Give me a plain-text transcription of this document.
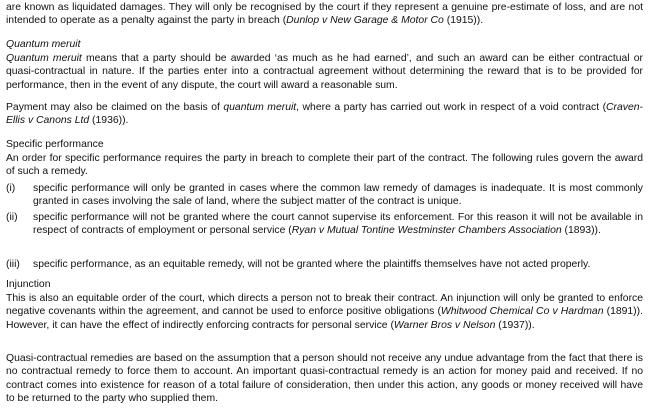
are known as liquidated damages. They will only be recognised by the court if they represent a genuine pre-estimate of loss, and are not intended to operate as a penalty against the party in breach (Dunlop v New Garage & Motor Co (1915)).

Quantum meruit

Quantum meruit means that a party should be awarded ‘as much as he had earned’, and such an award can be either contractual or quasi-contractual in nature. If the parties enter into a contractual agreement without determining the reward that is to be provided for performance, then in the event of any dispute, the court will award a reasonable sum.

Payment may also be claimed on the basis of quantum meruit, where a party has carried out work in respect of a void contract (Craven-Ellis v Canons Ltd (1936)).

Specific performance

An order for specific performance requires the party in breach to complete their part of the contract. The following rules govern the award of such a remedy.

(i)	specific performance will only be granted in cases where the common law remedy of damages is inadequate. It is most commonly granted in cases involving the sale of land, where the subject matter of the contract is unique.
(ii)	specific performance will not be granted where the court cannot supervise its enforcement. For this reason it will not be available in respect of contracts of employment or personal service (Ryan v Mutual Tontine Westminster Chambers Association (1893)).
(iii)	specific performance, as an equitable remedy, will not be granted where the plaintiffs themselves have not acted properly.
Injunction

This is also an equitable order of the court, which directs a person not to break their contract. An injunction will only be granted to enforce negative covenants within the agreement, and cannot be used to enforce positive obligations (Whitwood Chemical Co v Hardman (1891)). However, it can have the effect of indirectly enforcing contracts for personal service (Warner Bros v Nelson (1937)).

Quasi-contractual remedies are based on the assumption that a person should not receive any undue advantage from the fact that there is no contractual remedy to force them to account. An important quasi-contractual remedy is an action for money paid and received. If no contract comes into existence for reason of a total failure of consideration, then under this action, any goods or money received will have to be returned to the party who supplied them.
